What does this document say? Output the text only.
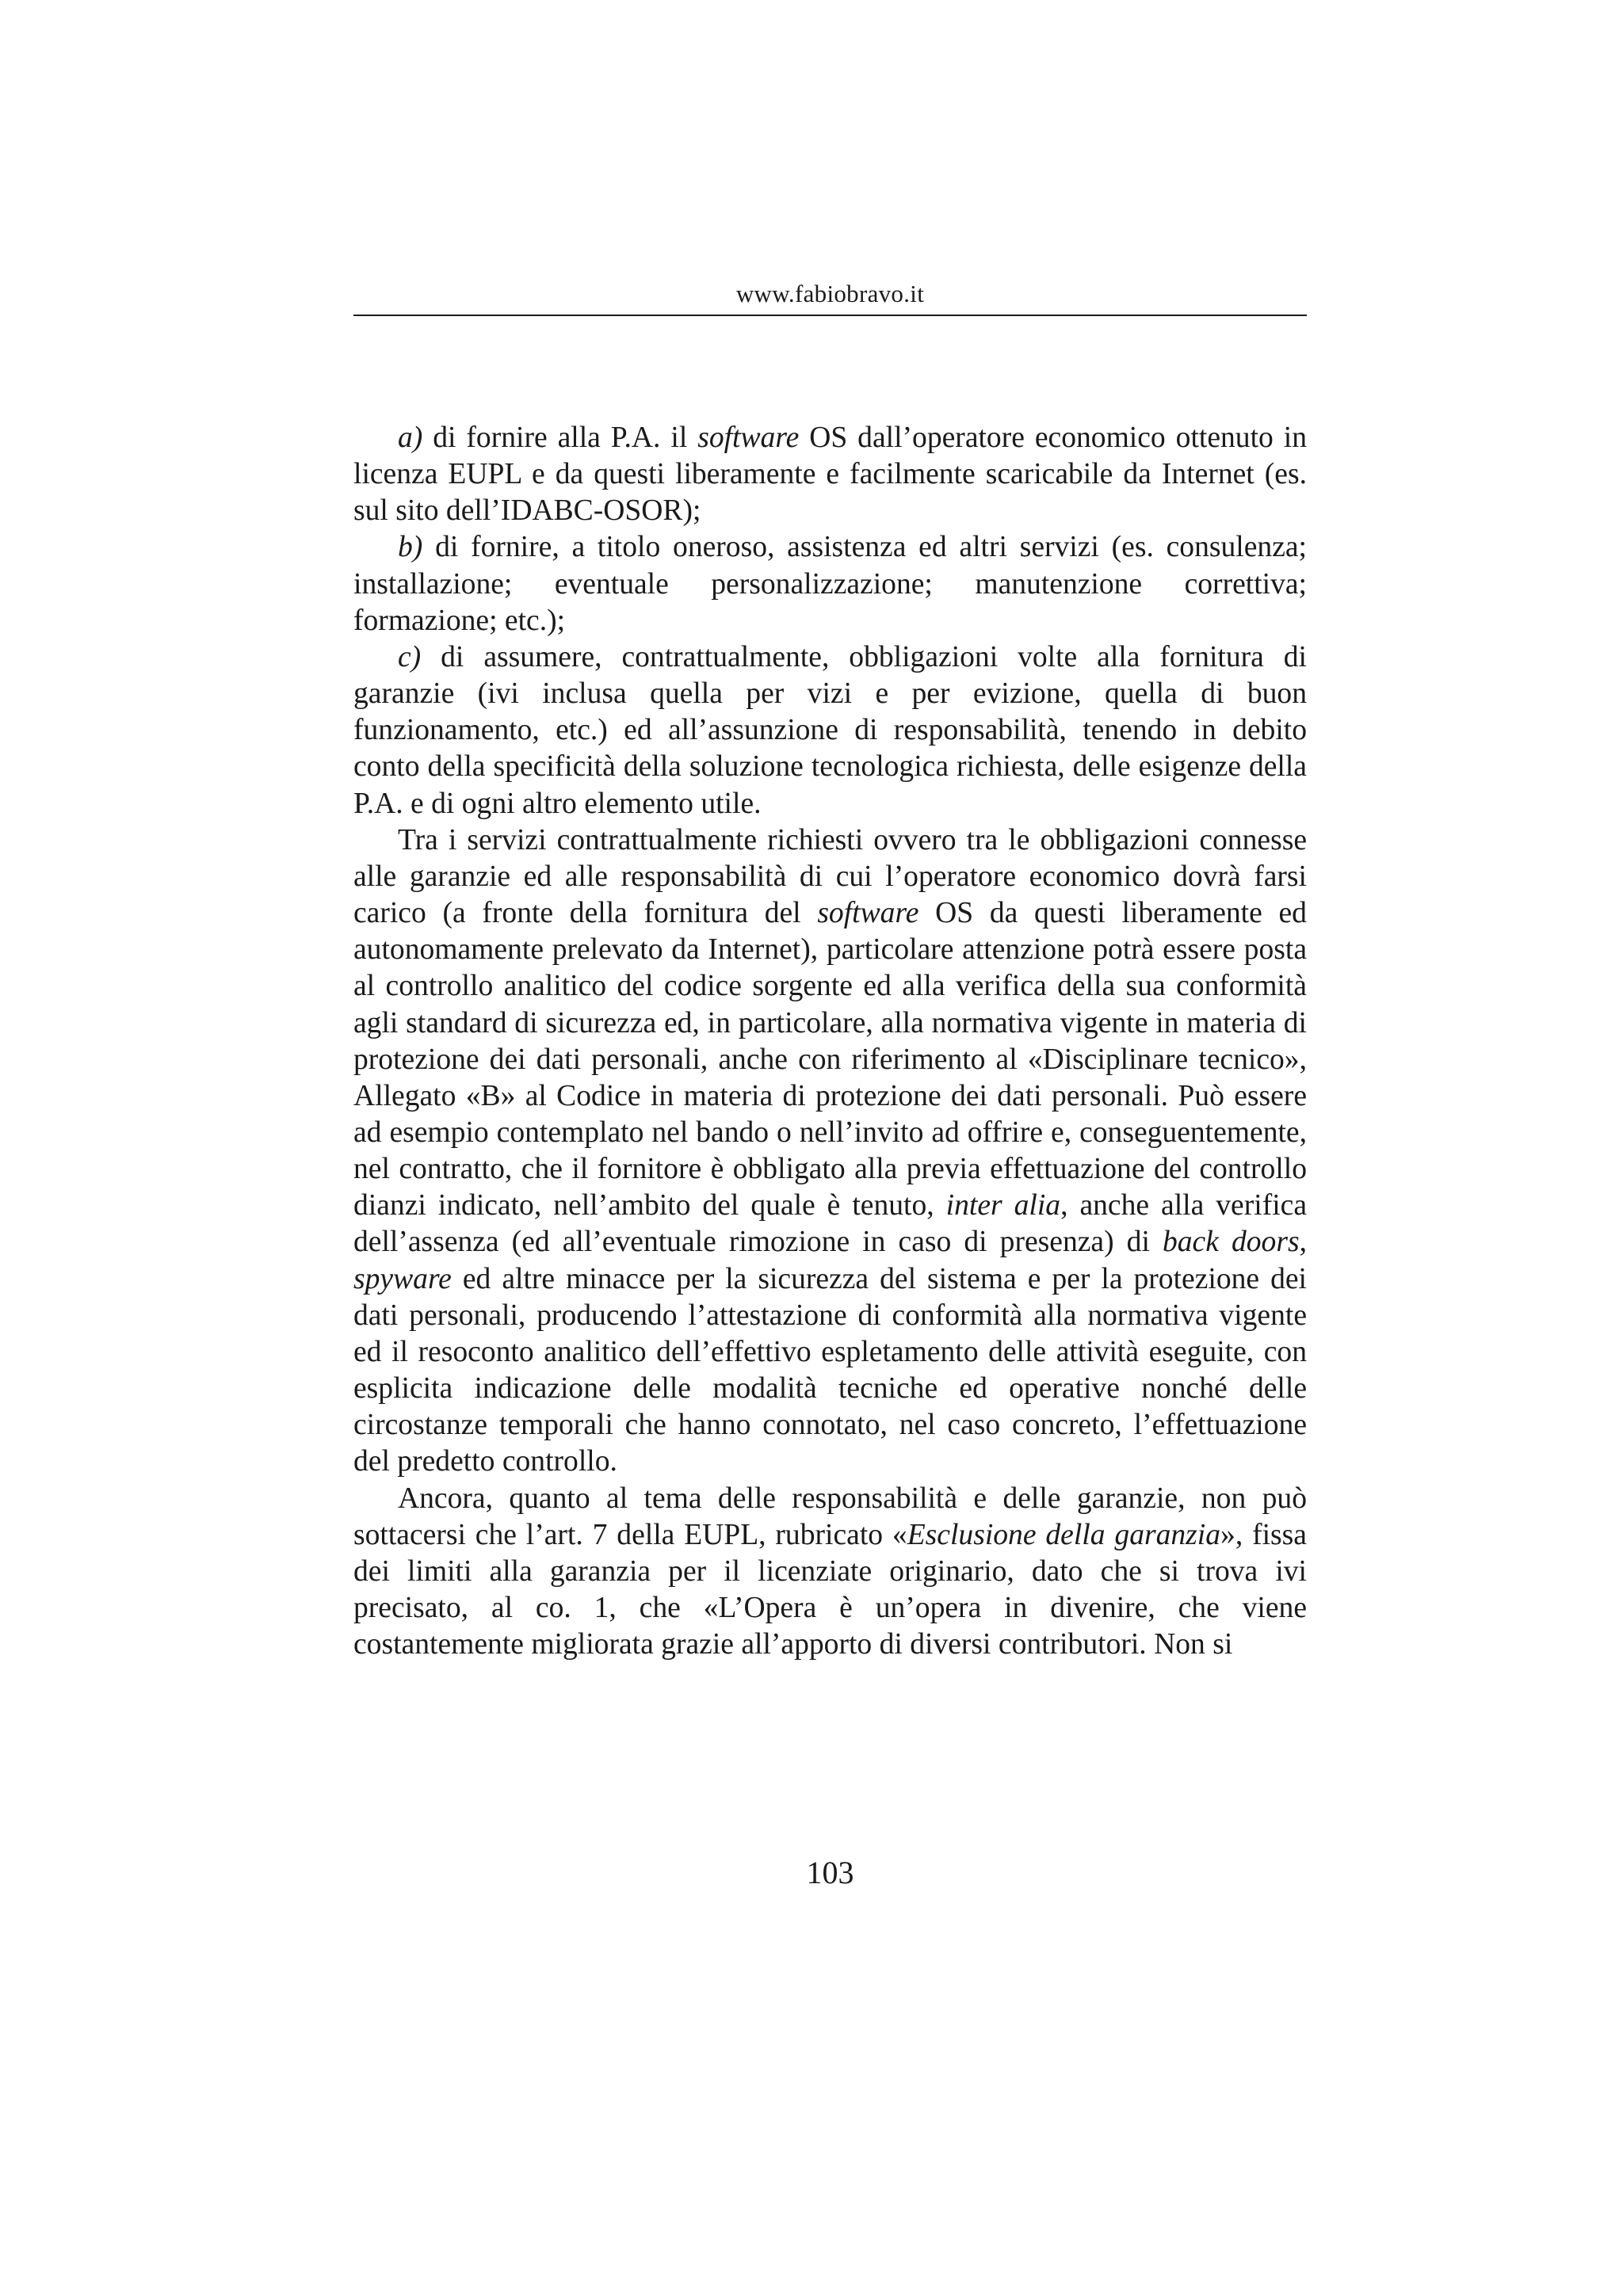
www.fabiobravo.it

a) di fornire alla P.A. il software OS dall’operatore economico ottenuto in licenza EUPL e da questi liberamente e facilmente scaricabile da Internet (es. sul sito dell’IDABC-OSOR);

b) di fornire, a titolo oneroso, assistenza ed altri servizi (es. consulenza; installazione; eventuale personalizzazione; manutenzione correttiva; formazione; etc.);

c) di assumere, contrattualmente, obbligazioni volte alla fornitura di garanzie (ivi inclusa quella per vizi e per evizione, quella di buon funzionamento, etc.) ed all’assunzione di responsabilità, tenendo in debito conto della specificità della soluzione tecnologica richiesta, delle esigenze della P.A. e di ogni altro elemento utile.

Tra i servizi contrattualmente richiesti ovvero tra le obbligazioni connesse alle garanzie ed alle responsabilità di cui l’operatore economico dovrà farsi carico (a fronte della fornitura del software OS da questi liberamente ed autonomamente prelevato da Internet), particolare attenzione potrà essere posta al controllo analitico del codice sorgente ed alla verifica della sua conformità agli standard di sicurezza ed, in particolare, alla normativa vigente in materia di protezione dei dati personali, anche con riferimento al «Disciplinare tecnico», Allegato «B» al Codice in materia di protezione dei dati personali. Può essere ad esempio contemplato nel bando o nell’invito ad offrire e, conseguentemente, nel contratto, che il fornitore è obbligato alla previa effettuazione del controllo dianzi indicato, nell’ambito del quale è tenuto, inter alia, anche alla verifica dell’assenza (ed all’eventuale rimozione in caso di presenza) di back doors, spyware ed altre minacce per la sicurezza del sistema e per la protezione dei dati personali, producendo l’attestazione di conformità alla normativa vigente ed il resoconto analitico dell’effettivo espletamento delle attività eseguite, con esplicita indicazione delle modalità tecniche ed operative nonché delle circostanze temporali che hanno connotato, nel caso concreto, l’effettuazione del predetto controllo.

Ancora, quanto al tema delle responsabilità e delle garanzie, non può sottacersi che l’art. 7 della EUPL, rubricato «Esclusione della garanzia», fissa dei limiti alla garanzia per il licenziate originario, dato che si trova ivi precisato, al co. 1, che «L’Opera è un’opera in divenire, che viene costantemente migliorata grazie all’apporto di diversi contributori. Non si

103
